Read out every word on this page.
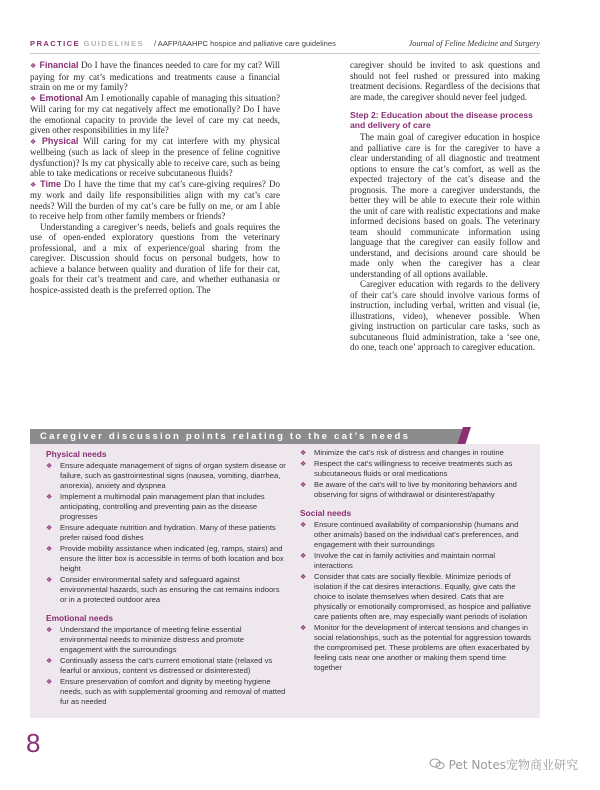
PRACTICE GUIDELINES / AAFP/IAAHPC hospice and palliative care guidelines	Journal of Feline Medicine and Surgery

❖ Financial Do I have the finances needed to care for my cat? Will paying for my cat’s medications and treatments cause a financial strain on me or my family?

❖ Emotional Am I emotionally capable of managing this situation? Will caring for my cat negatively affect me emotionally? Do I have the emotional capacity to provide the level of care my cat needs, given other responsibilities in my life?

❖ Physical Will caring for my cat interfere with my physical wellbeing (such as lack of sleep in the presence of feline cognitive dysfunction)? Is my cat physically able to receive care, such as being able to take medications or receive subcutaneous fluids?

❖ Time Do I have the time that my cat’s care-giving requires? Do my work and daily life responsibilities align with my cat’s care needs? Will the burden of my cat’s care be fully on me, or am I able to receive help from other family members or friends?

Understanding a caregiver’s needs, beliefs and goals requires the use of open-ended exploratory questions from the veterinary professional, and a mix of experience/goal sharing from the caregiver. Discussion should focus on personal budgets, how to achieve a balance between quality and duration of life for their cat, goals for their cat’s treatment and care, and whether euthanasia or hospice-assisted death is the preferred option. The

caregiver should be invited to ask questions and should not feel rushed or pressured into making treatment decisions. Regardless of the decisions that are made, the caregiver should never feel judged.

Step 2: Education about the disease process and delivery of care

The main goal of caregiver education in hospice and palliative care is for the caregiver to have a clear understanding of all diagnostic and treatment options to ensure the cat’s comfort, as well as the expected trajectory of the cat’s disease and the prognosis. The more a caregiver understands, the better they will be able to execute their role within the unit of care with realistic expectations and make informed decisions based on goals. The veterinary team should communicate information using language that the caregiver can easily follow and understand, and decisions around care should be made only when the caregiver has a clear understanding of all options available.

Caregiver education with regards to the delivery of their cat’s care should involve various forms of instruction, including verbal, written and visual (ie, illustrations, video), whenever possible. When giving instruction on particular care tasks, such as subcutaneous fluid administration, take a ‘see one, do one, teach one’ approach to caregiver education.

Caregiver discussion points relating to the cat’s needs
Physical needs
❖ Ensure adequate management of signs of organ system disease or failure, such as gastrointestinal signs (nausea, vomiting, diarrhea, anorexia), anxiety and dyspnea
❖ Implement a multimodal pain management plan that includes anticipating, controlling and preventing pain as the disease progresses
❖ Ensure adequate nutrition and hydration. Many of these patients prefer raised food dishes
❖ Provide mobility assistance when indicated (eg, ramps, stairs) and ensure the litter box is accessible in terms of both location and box height
❖ Consider environmental safety and safeguard against environmental hazards, such as ensuring the cat remains indoors or in a protected outdoor area
Emotional needs
❖ Understand the importance of meeting feline essential environmental needs to minimize distress and promote engagement with the surroundings
❖ Continually assess the cat’s current emotional state (relaxed vs fearful or anxious, content vs distressed or disinterested)
❖ Ensure preservation of comfort and dignity by meeting hygiene needs, such as with supplemental grooming and removal of matted fur as needed
❖ Minimize the cat’s risk of distress and changes in routine
❖ Respect the cat’s willingness to receive treatments such as subcutaneous fluids or oral medications
❖ Be aware of the cat’s will to live by monitoring behaviors and observing for signs of withdrawal or disinterest/apathy
Social needs
❖ Ensure continued availability of companionship (humans and other animals) based on the individual cat’s preferences, and engagement with their surroundings
❖ Involve the cat in family activities and maintain normal interactions
❖ Consider that cats are socially flexible. Minimize periods of isolation if the cat desires interactions. Equally, give cats the choice to isolate themselves when desired. Cats that are physically or emotionally compromised, as hospice and palliative care patients often are, may especially want periods of isolation
❖ Monitor for the development of intercat tensions and changes in social relationships, such as the potential for aggression towards the compromised pet. These problems are often exacerbated by feeling cats near one another or making them spend time together
8
Pet Notes宠物商业研究
